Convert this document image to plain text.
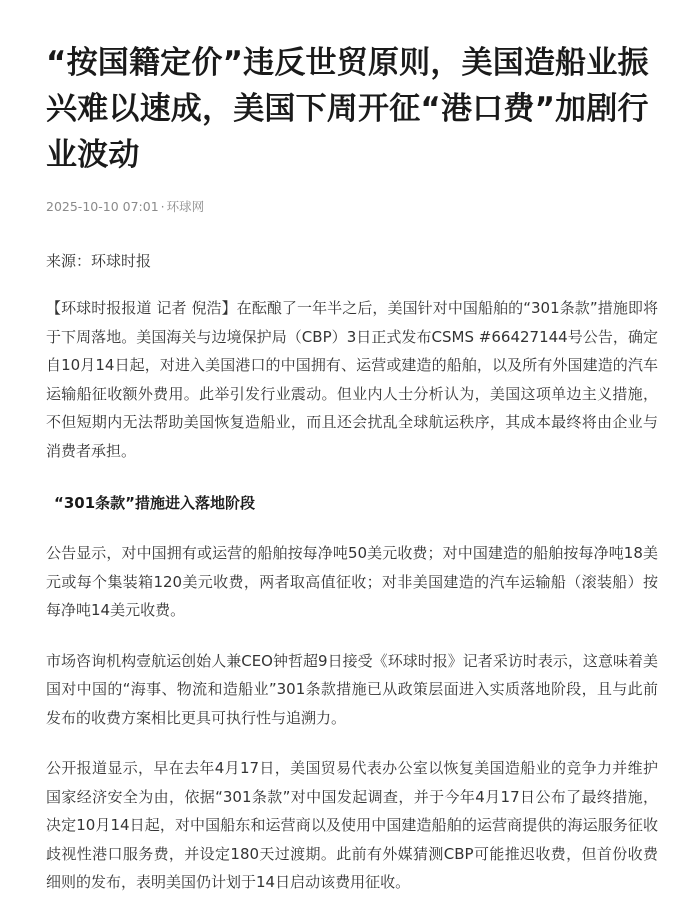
“按国籍定价”违反世贸原则，美国造船业振兴难以速成，美国下周开征“港口费”加剧行业波动
2025-10-10 07:01 · 环球网
来源：环球时报

【环球时报报道 记者 倪浩】在酝酿了一年半之后，美国针对中国船舶的“301条款”措施即将于下周落地。美国海关与边境保护局（CBP）3日正式发布CSMS #66427144号公告，确定自10月14日起，对进入美国港口的中国拥有、运营或建造的船舶，以及所有外国建造的汽车运输船征收额外费用。此举引发行业震动。但业内人士分析认为，美国这项单边主义措施，不但短期内无法帮助美国恢复造船业，而且还会扰乱全球航运秩序，其成本最终将由企业与消费者承担。

“301条款”措施进入落地阶段

公告显示，对中国拥有或运营的船舶按每净吨50美元收费；对中国建造的船舶按每净吨18美元或每个集装箱120美元收费，两者取高值征收；对非美国建造的汽车运输船（滚装船）按每净吨14美元收费。

市场咨询机构壹航运创始人兼CEO钟哲超9日接受《环球时报》记者采访时表示，这意味着美国对中国的“海事、物流和造船业”301条款措施已从政策层面进入实质落地阶段，且与此前发布的收费方案相比更具可执行性与追溯力。

公开报道显示，早在去年4月17日，美国贸易代表办公室以恢复美国造船业的竞争力并维护国家经济安全为由，依据“301条款”对中国发起调查，并于今年4月17日公布了最终措施，决定10月14日起，对中国船东和运营商以及使用中国建造船舶的运营商提供的海运服务征收歧视性港口服务费，并设定180天过渡期。此前有外媒猜测CBP可能推迟收费，但首份收费细则的发布，表明美国仍计划于14日启动该费用征收。
